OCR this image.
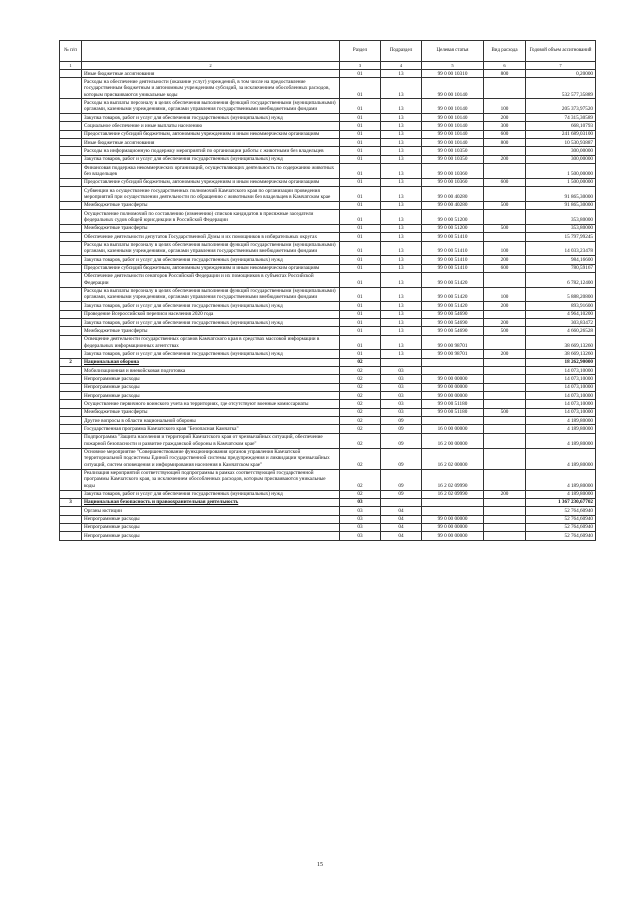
№ п/п		Раздел	Подраздел	Целевая статья	Вид расхода	Годовой объем ассигнований
1	2	3	4	5	6	7
	Иные бюджетные ассигнования	01	13	99 0 00 10310	800	0,20000
	Расходы на обеспечение деятельности (оказание услуг) учреждений, в том числе на предоставление государственным бюджетным и автономным учреждениям субсидий, за исключением обособленных расходов, которым присваиваются уникальные коды	01	13	99 0 00 10140		532 577,35889
	Расходы на выплаты персоналу в целях обеспечения выполнения функций государственными (муниципальными) органами, казенными учреждениями, органами управления государственными внебюджетными фондами	01	13	99 0 00 10140	100	205 373,97520
	Закупка товаров, работ и услуг для обеспечения государственных (муниципальных) нужд	01	13	99 0 00 10140	200	74 315,30589
	Социальное обеспечение и иные выплаты населению	01	13	99 0 00 10140	300	668,10793
	Предоставление субсидий бюджетным, автономным учреждениям и иным некоммерческим организациям	01	13	99 0 00 10140	600	241 689,03100
	Иные бюджетные ассигнования	01	13	99 0 00 10140	800	10 530,93887
	Расходы на информационную поддержку мероприятий по организации работы с животными без владельцев	01	13	99 0 00 10350		300,00000
	Закупка товаров, работ и услуг для обеспечения государственных (муниципальных) нужд	01	13	99 0 00 10350	200	300,00000
	Финансовая поддержка некоммерческих организаций, осуществляющих деятельность по содержанию животных без владельцев	01	13	99 0 00 10360		1 500,00000
	Предоставление субсидий бюджетным, автономным учреждениям и иным некоммерческим организациям	01	13	99 0 00 10360	600	1 500,00000
	Субвенции на осуществление государственных полномочий Камчатского края по организации проведения мероприятий при осуществлении деятельности по обращению с животными без владельцев в Камчатском крае	01	13	99 0 00 40280		91 865,30000
	Межбюджетные трансферты	01	13	99 0 00 40280	500	91 865,30000
	Осуществление полномочий по составлению (изменению) списков кандидатов в присяжные заседатели федеральных судов общей юрисдикции в Российской Федерации	01	13	99 0 00 51200		353,80000
	Межбюджетные трансферты	01	13	99 0 00 51200	500	353,80000
	Обеспечение деятельности депутатов Государственной Думы и их помощников в избирательных округах	01	13	99 0 00 51410		15 797,99245
	Расходы на выплаты персоналу в целях обеспечения выполнения функций государственными (муниципальными) органами, казенными учреждениями, органами управления государственными внебюджетными фондами	01	13	99 0 00 51410	100	14 033,23478
	Закупка товаров, работ и услуг для обеспечения государственных (муниципальных) нужд	01	13	99 0 00 51410	200	984,16600
	Предоставление субсидий бюджетным, автономным учреждениям и иным некоммерческим организациям	01	13	99 0 00 51410	600	780,59167
	Обеспечение деятельности сенаторов Российской Федерации и их помощников в субъектах Российской Федерации	01	13	99 0 00 51420		6 782,12400
	Расходы на выплаты персоналу в целях обеспечения выполнения функций государственными (муниципальными) органами, казенными учреждениями, органами управления государственными внебюджетными фондами	01	13	99 0 00 51420	100	5 888,20800
	Закупка товаров, работ и услуг для обеспечения государственных (муниципальных) нужд	01	13	99 0 00 51420	200	893,91600
	Проведение Всероссийской переписи населения 2020 года	01	13	99 0 00 54690		4 964,10200
	Закупка товаров, работ и услуг для обеспечения государственных (муниципальных) нужд	01	13	99 0 00 54690	200	303,83472
	Межбюджетные трансферты	01	13	99 0 00 54690	500	4 660,26528
	Освещение деятельности государственных органов Камчатского края в средствах массовой информации в федеральных информационных агентствах	01	13	99 0 00 98701		38 669,13260
	Закупка товаров, работ и услуг для обеспечения государственных (муниципальных) нужд	01	13	99 0 00 98701	200	38 669,13260
2	Национальная оборона	02				18 262,90000
	Мобилизационная и вневойсковая подготовка	02	03			14 073,10000
	Непрограммные расходы	02	03	99 0 00 00000		14 073,10000
	Непрограммные расходы	02	03	99 0 00 00000		14 073,10000
	Непрограммные расходы	02	03	99 0 00 00000		14 073,10000
	Осуществление первичного воинского учета на территориях, где отсутствуют военные комиссариаты	02	03	99 0 00 51180		14 073,10000
	Межбюджетные трансферты	02	03	99 0 00 51180	500	14 073,10000
	Другие вопросы в области национальной обороны	02	09			4 189,80000
	Государственная программа Камчатского края "Безопасная Камчатка"	02	09	16 0 00 00000		4 189,80000
	Подпрограмма "Защита населения и территорий Камчатского края от чрезвычайных ситуаций, обеспечение пожарной безопасности и развитие гражданской обороны в Камчатском крае"	02	09	16 2 00 00000		4 189,80000
	Основное мероприятие "Совершенствование функционирования органов управления Камчатской территориальной подсистемы Единой государственной системы предупреждения и ликвидации чрезвычайных ситуаций, систем оповещения и информирования населения в Камчатском крае"	02	09	16 2 02 00000		4 189,80000
	Реализация мероприятий соответствующей подпрограммы в рамках соответствующей государственной программы Камчатского края, за исключением обособленных расходов, которым присваиваются уникальные коды	02	09	16 2 02 09990		4 189,80000
	Закупка товаров, работ и услуг для обеспечения государственных (муниципальных) нужд	02	09	16 2 02 09990	200	4 189,80000
3	Национальная безопасность и правоохранительная деятельность	03				1 367 230,67702
	Органы юстиции	03	04			52 764,60940
	Непрограммные расходы	03	04	99 0 00 00000		52 764,60940
	Непрограммные расходы	03	04	99 0 00 00000		52 764,60940
	Непрограммные расходы	03	04	99 0 00 00000		52 764,60940
15
